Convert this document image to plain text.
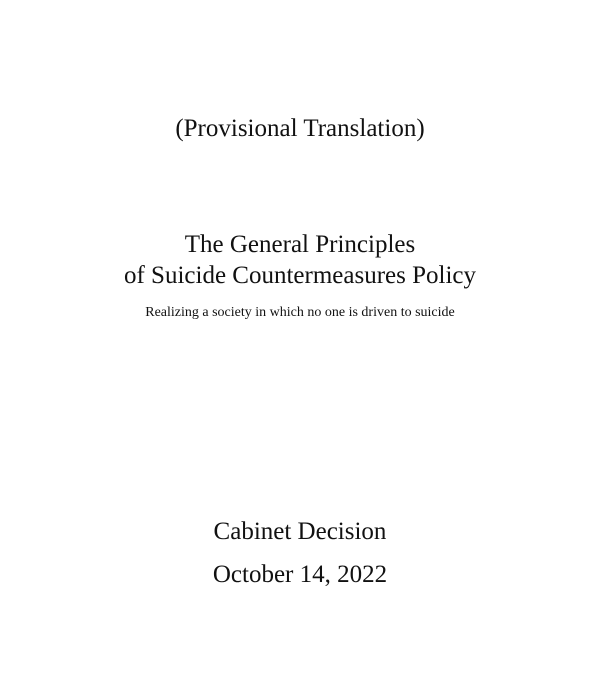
(Provisional Translation)
The General Principles
of Suicide Countermeasures Policy
Realizing a society in which no one is driven to suicide
Cabinet Decision
October 14, 2022
